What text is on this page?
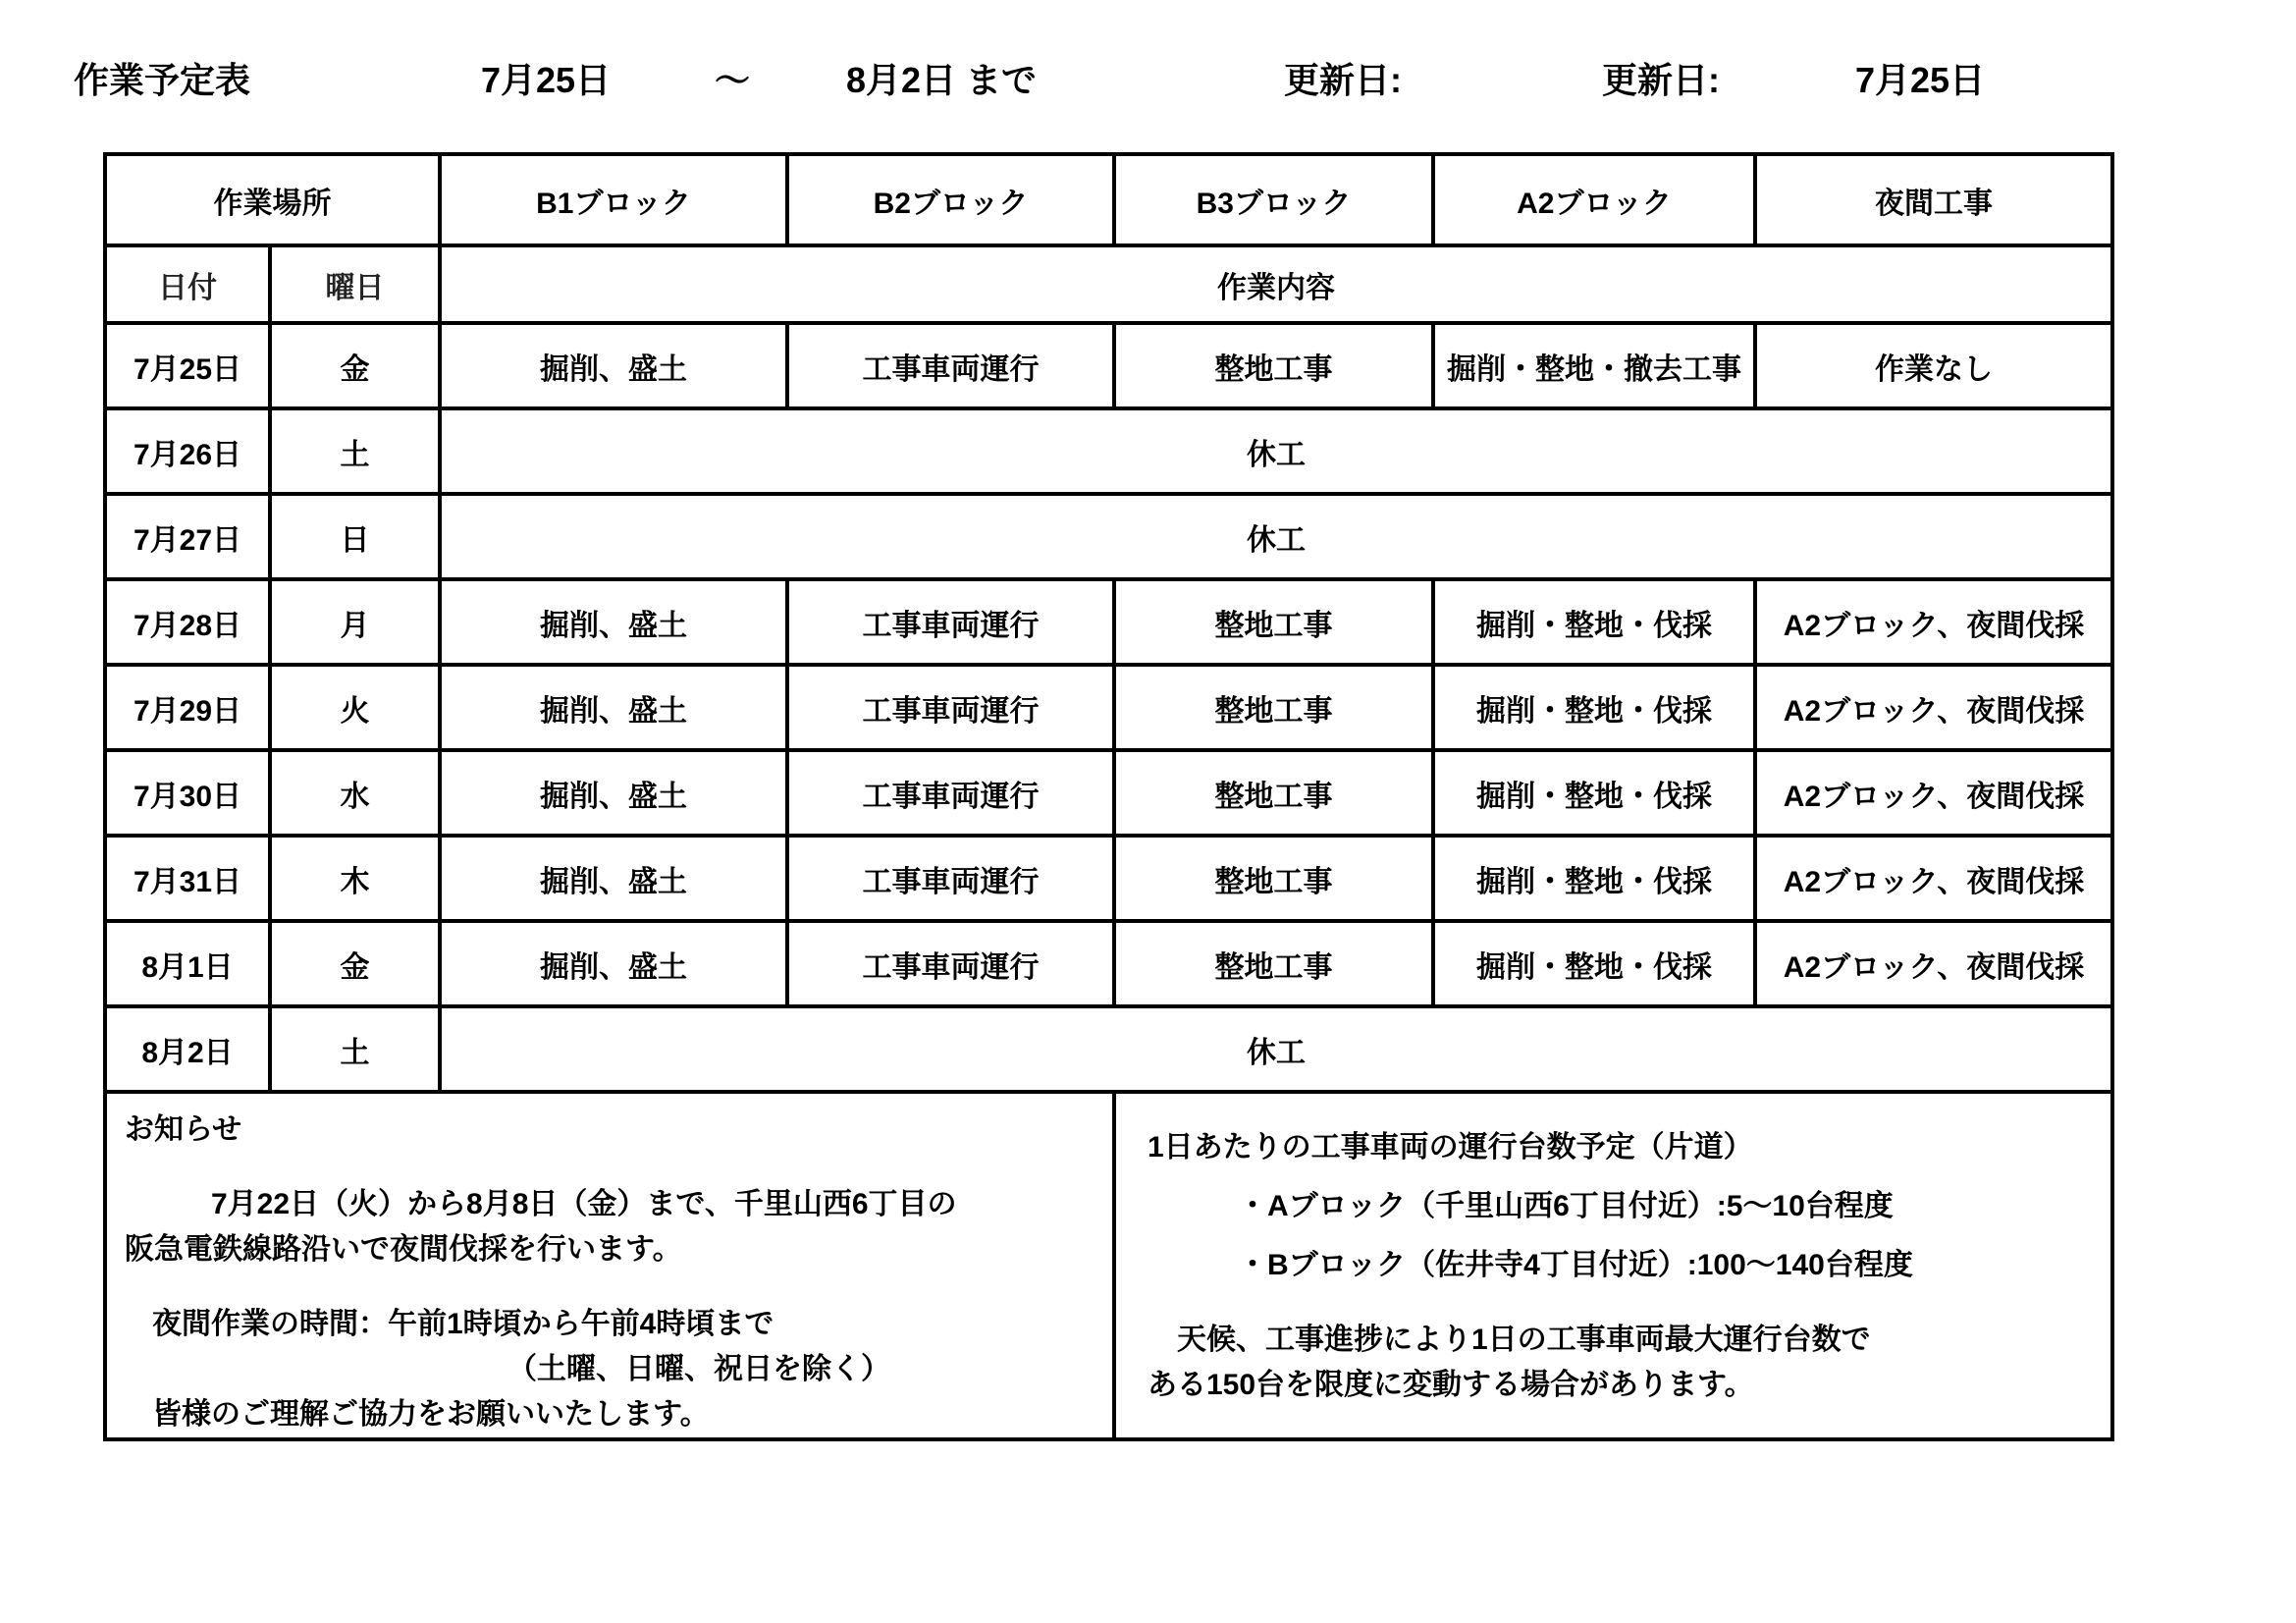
作業予定表	7月25日	～	8月2日 まで	更新日:	更新日:	7月25日
作業場所		B1ブロック	B2ブロック	B3ブロック	A2ブロック	夜間工事
日付	曜日	作業内容				
7月25日	金	掘削、盛土	工事車両運行	整地工事	掘削・整地・撤去工事	作業なし
7月26日	土	休工				
7月27日	日	休工				
7月28日	月	掘削、盛土	工事車両運行	整地工事	掘削・整地・伐採	A2ブロック、夜間伐採
7月29日	火	掘削、盛土	工事車両運行	整地工事	掘削・整地・伐採	A2ブロック、夜間伐採
7月30日	水	掘削、盛土	工事車両運行	整地工事	掘削・整地・伐採	A2ブロック、夜間伐採
7月31日	木	掘削、盛土	工事車両運行	整地工事	掘削・整地・伐採	A2ブロック、夜間伐採
8月1日	金	掘削、盛土	工事車両運行	整地工事	掘削・整地・伐採	A2ブロック、夜間伐採
8月2日	土	休工				

お知らせ
　7月22日（火）から8月8日（金）まで、千里山西6丁目の
阪急電鉄線路沿いで夜間伐採を行います。
夜間作業の時間：午前1時頃から午前4時頃まで
（土曜、日曜、祝日を除く）
皆様のご理解ご協力をお願いいたします。

1日あたりの工事車両の運行台数予定（片道）
・Aブロック（千里山西6丁目付近）:5～10台程度
・Bブロック（佐井寺4丁目付近）:100～140台程度
　天候、工事進捗により1日の工事車両最大運行台数で
ある150台を限度に変動する場合があります。
